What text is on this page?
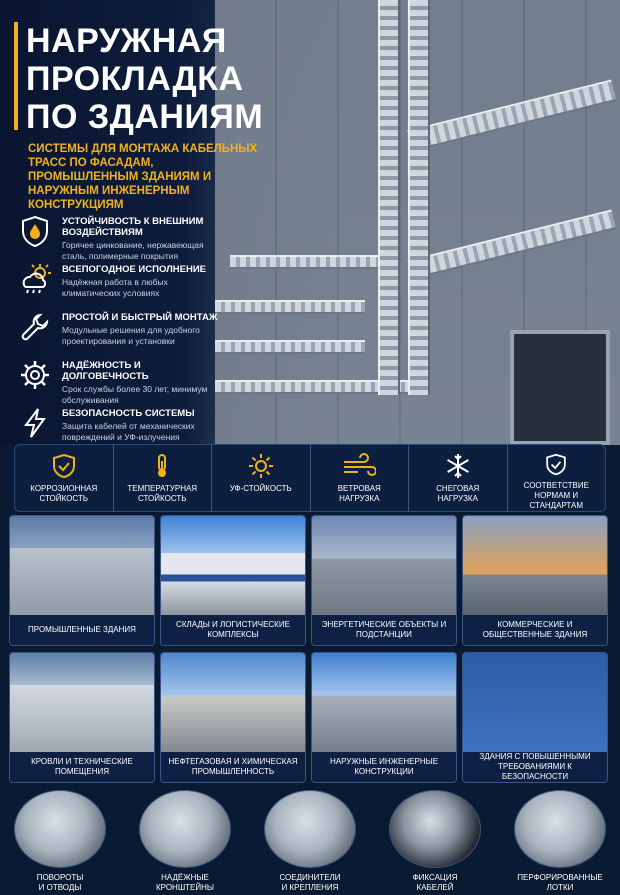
НАРУЖНАЯ
ПРОКЛАДКА
ПО ЗДАНИЯМ
СИСТЕМЫ ДЛЯ МОНТАЖА КАБЕЛЬНЫХ ТРАСС ПО ФАСАДАМ, ПРОМЫШЛЕННЫМ ЗДАНИЯМ И НАРУЖНЫМ ИНЖЕНЕРНЫМ КОНСТРУКЦИЯМ
УСТОЙЧИВОСТЬ К ВНЕШНИМ ВОЗДЕЙСТВИЯМ
Горячее цинкование, нержавеющая сталь, полимерные покрытия
ВСЕПОГОДНОЕ ИСПОЛНЕНИЕ
Надёжная работа в любых климатических условиях
ПРОСТОЙ И БЫСТРЫЙ МОНТАЖ
Модульные решения для удобного проектирования и установки
НАДЁЖНОСТЬ И ДОЛГОВЕЧНОСТЬ
Срок службы более 30 лет, минимум обслуживания
БЕЗОПАСНОСТЬ СИСТЕМЫ
Защита кабелей от механических повреждений и УФ-излучения
КОРРОЗИОННАЯ
СТОЙКОСТЬ
ТЕМПЕРАТУРНАЯ
СТОЙКОСТЬ
УФ-СТОЙКОСТЬ	ВЕТРОВАЯ
НАГРУЗКА
СНЕГОВАЯ
НАГРУЗКА
СООТВЕТСТВИЕ
НОРМАМ И СТАНДАРТАМ
ПРОМЫШЛЕННЫЕ ЗДАНИЯ
СКЛАДЫ И ЛОГИСТИЧЕСКИЕ КОМПЛЕКСЫ
ЭНЕРГЕТИЧЕСКИЕ ОБЪЕКТЫ И ПОДСТАНЦИИ
КОММЕРЧЕСКИЕ И ОБЩЕСТВЕННЫЕ ЗДАНИЯ
КРОВЛИ И ТЕХНИЧЕСКИЕ ПОМЕЩЕНИЯ
НЕФТЕГАЗОВАЯ И ХИМИЧЕСКАЯ ПРОМЫШЛЕННОСТЬ
НАРУЖНЫЕ ИНЖЕНЕРНЫЕ КОНСТРУКЦИИ
ЗДАНИЯ С ПОВЫШЕННЫМИ ТРЕБОВАНИЯМИ К БЕЗОПАСНОСТИ
ПОВОРОТЫ
И ОТВОДЫ
НАДЁЖНЫЕ
КРОНШТЕЙНЫ
СОЕДИНИТЕЛИ
И КРЕПЛЕНИЯ
ФИКСАЦИЯ
КАБЕЛЕЙ
ПЕРФОРИРОВАННЫЕ
ЛОТКИ
